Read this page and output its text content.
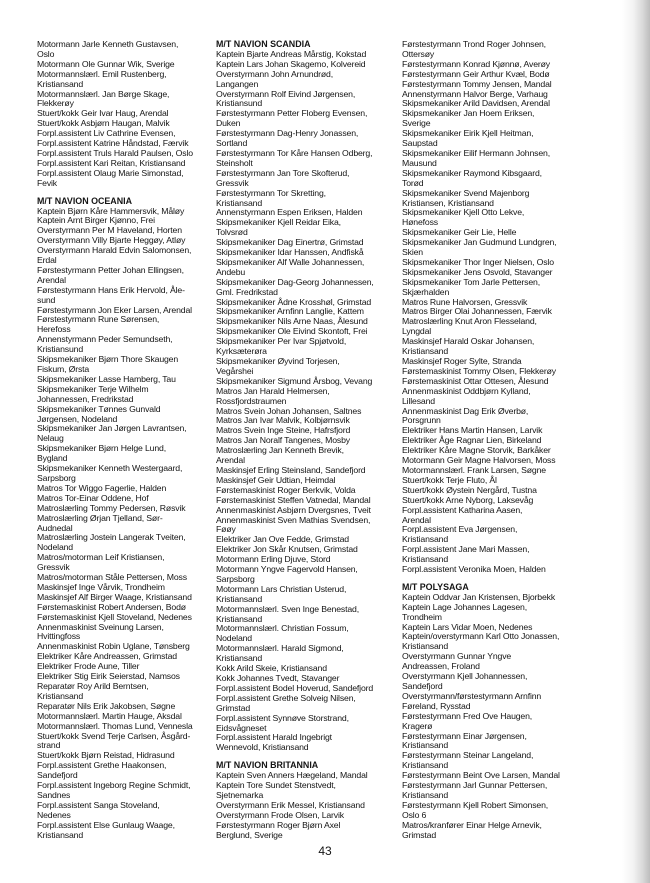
Motormann Jarle Kenneth Gustavsen,
Oslo
Motormann Ole Gunnar Wik, Sverige
Motormannslærl. Emil Rustenberg,
Kristiansand
Motormannslærl. Jan Børge Skage,
Flekkerøy
Stuert/kokk Geir Ivar Haug, Arendal
Stuert/kokk Asbjørn Haugan, Malvik
Forpl.assistent Liv Cathrine Evensen,
Forpl.assistent Katrine Håndstad, Færvik
Forpl.assistent Truls Harald Paulsen, Oslo
Forpl.assistent Kari Reitan, Kristiansand
Forpl.assistent Olaug Marie Simonstad,
Fevik
M/T NAVION OCEANIA
Kaptein Bjørn Kåre Hammersvik, Måløy
Kaptein Arnt Birger Kjønno, Frei
Overstyrmann Per M Haveland, Horten
Overstyrmann Villy Bjarte Heggøy, Atløy
Overstyrmann Harald Edvin Salomonsen,
Erdal
Førstestyrmann Petter Johan Ellingsen,
Arendal
Førstestyrmann Hans Erik Hervold, Åle-
sund
Førstestyrmann Jon Eker Larsen, Arendal
Førstestyrmann Rune Sørensen,
Herefoss
Annenstyrmann Peder Semundseth,
Kristiansund
Skipsmekaniker Bjørn Thore Skaugen
Fiskum, Ørsta
Skipsmekaniker Lasse Hamberg, Tau
Skipsmekaniker Terje Wilhelm
Johannessen, Fredrikstad
Skipsmekaniker Tønnes Gunvald
Jørgensen, Nodeland
Skipsmekaniker Jan Jørgen Lavrantsen,
Nelaug
Skipsmekaniker Bjørn Helge Lund,
Bygland
Skipsmekaniker Kenneth Westergaard,
Sarpsborg
Matros Tor Wiggo Fagerlie, Halden
Matros Tor-Einar Oddene, Hof
Matroslærling Tommy Pedersen, Røsvik
Matroslærling Ørjan Tjelland, Sør-
Audnedal
Matroslærling Jostein Langerak Tveiten,
Nodeland
Matros/motorman Leif Kristiansen,
Gressvik
Matros/motorman Ståle Pettersen, Moss
Maskinsjef Inge Vårvik, Trondheim
Maskinsjef Alf Birger Waage, Kristiansand
Førstemaskinist Robert Andersen, Bodø
Førstemaskinist Kjell Stoveland, Nedenes
Annenmaskinist Sveinung Larsen,
Hvittingfoss
Annenmaskinist Robin Uglane, Tønsberg
Elektriker Kåre Andreassen, Grimstad
Elektriker Frode Aune, Tiller
Elektriker Stig Eirik Seierstad, Namsos
Reparatør Roy Arild Berntsen,
Kristiansand
Reparatør Nils Erik Jakobsen, Søgne
Motormannslærl. Martin Hauge, Aksdal
Motormannslærl. Thomas Lund, Vennesla
Stuert/kokk Svend Terje Carlsen, Åsgård-
strand
Stuert/kokk Bjørn Reistad, Hidrasund
Forpl.assistent Grethe Haakonsen,
Sandefjord
Forpl.assistent Ingeborg Regine Schmidt,
Sandnes
Forpl.assistent Sanga Stoveland,
Nedenes
Forpl.assistent Else Gunlaug Waage,
Kristiansand
M/T NAVION SCANDIA
Kaptein Bjarte Andreas Mårstig, Kokstad
Kaptein Lars Johan Skagemo, Kolvereid
Overstyrmann John Arnundrød,
Langangen
Overstyrmann Rolf Eivind Jørgensen,
Kristiansund
Førstestyrmann Petter Floberg Evensen,
Duken
Førstestyrmann Dag-Henry Jonassen,
Sortland
Førstestyrmann Tor Kåre Hansen Odberg,
Steinsholt
Førstestyrmann Jan Tore Skofterud,
Gressvik
Førstestyrmann Tor Skretting,
Kristiansand
Annenstyrmann Espen Eriksen, Halden
Skipsmekaniker Kjell Reidar Eika,
Tolvsrød
Skipsmekaniker Dag Einertrø, Grimstad
Skipsmekaniker Idar Hanssen, Andfiskå
Skipsmekaniker Alf Walle Johannessen,
Andebu
Skipsmekaniker Dag-Georg Johannessen,
Gml. Fredrikstad
Skipsmekaniker Ådne Krosshøl, Grimstad
Skipsmekaniker Arnfinn Langlie, Kattem
Skipsmekaniker Nils Arne Naas, Ålesund
Skipsmekaniker Ole Eivind Skontoft, Frei
Skipsmekaniker Per Ivar Spjøtvold,
Kyrksæterøra
Skipsmekaniker Øyvind Torjesen,
Vegårshei
Skipsmekaniker Sigmund Årsbog, Vevang
Matros Jan Harald Helmersen,
Rossfjordstraumen
Matros Svein Johan Johansen, Saltnes
Matros Jan Ivar Malvik, Kolbjørnsvik
Matros Svein Inge Steine, Hafrsfjord
Matros Jan Noralf Tangenes, Mosby
Matroslærling Jan Kenneth Brevik,
Arendal
Maskinsjef Erling Steinsland, Sandefjord
Maskinsjef Geir Udtian, Heimdal
Førstemaskinist Roger Berkvik, Volda
Førstemaskinist Steffen Vatnedal, Mandal
Annenmaskinist Asbjørn Dvergsnes, Tveit
Annenmaskinist Sven Mathias Svendsen,
Føøy
Elektriker Jan Ove Fedde, Grimstad
Elektriker Jon Skår Knutsen, Grimstad
Motormann Erling Djuve, Stord
Motormann Yngve Fagervold Hansen,
Sarpsborg
Motormann Lars Christian Usterud,
Kristiansand
Motormannslærl. Sven Inge Benestad,
Kristiansand
Motormannslærl. Christian Fossum,
Nodeland
Motormannslærl. Harald Sigmond,
Kristiansand
Kokk Arild Skeie, Kristiansand
Kokk Johannes Tvedt, Stavanger
Forpl.assistent Bodel Hoverud, Sandefjord
Forpl.assistent Grethe Solveig Nilsen,
Grimstad
Forpl.assistent Synnøve Storstrand,
Eidsvågneset
Forpl.assistent Harald Ingebrigt
Wennevold, Kristiansand
M/T NAVION BRITANNIA
Kaptein Sven Anners Hægeland, Mandal
Kaptein Tore Sundet Stenstvedt,
Sjetnemarka
Overstyrmann Erik Messel, Kristiansand
Overstyrmann Frode Olsen, Larvik
Førstestyrmann Roger Bjørn Axel
Berglund, Sverige
Førstestyrmann Trond Roger Johnsen,
Ottersøy
Førstestyrmann Konrad Kjønnø, Averøy
Førstestyrmann Geir Arthur Kvæl, Bodø
Førstestyrmann Tommy Jensen, Mandal
Annenstyrmann Halvor Berge, Varhaug
Skipsmekaniker Arild Davidsen, Arendal
Skipsmekaniker Jan Hoem Eriksen,
Sverige
Skipsmekaniker Eirik Kjell Heitman,
Saupstad
Skipsmekaniker Eilif Hermann Johnsen,
Mausund
Skipsmekaniker Raymond Kibsgaard,
Torød
Skipsmekaniker Svend Majenborg
Kristiansen, Kristiansand
Skipsmekaniker Kjell Otto Lekve,
Hønefoss
Skipsmekaniker Geir Lie, Helle
Skipsmekaniker Jan Gudmund Lundgren,
Skien
Skipsmekaniker Thor Inger Nielsen, Oslo
Skipsmekaniker Jens Osvold, Stavanger
Skipsmekaniker Tom Jarle Pettersen,
Skjærhalden
Matros Rune Halvorsen, Gressvik
Matros Birger Olai Johannessen, Færvik
Matroslærling Knut Aron Flesseland,
Lyngdal
Maskinsjef Harald Oskar Johansen,
Kristiansand
Maskinsjef Roger Sylte, Stranda
Førstemaskinist Tommy Olsen, Flekkerøy
Førstemaskinist Ottar Ottesen, Ålesund
Annenmaskinist Oddbjørn Kylland,
Lillesand
Annenmaskinist Dag Erik Øverbø,
Porsgrunn
Elektriker Hans Martin Hansen, Larvik
Elektriker Åge Ragnar Lien, Birkeland
Elektriker Kåre Magne Storvik, Barkåker
Motormann Geir Magne Halvorsen, Moss
Motormannslærl. Frank Larsen, Søgne
Stuert/kokk Terje Fluto, Ål
Stuert/kokk Øystein Nergård, Tustna
Stuert/kokk Arne Nyborg, Laksevåg
Forpl.assistent Katharina Aasen,
Arendal
Forpl.assistent Eva Jørgensen,
Kristiansand
Forpl.assistent Jane Mari Massen,
Kristiansand
Forpl.assistent Veronika Moen, Halden
M/T POLYSAGA
Kaptein Oddvar Jan Kristensen, Bjorbekk
Kaptein Lage Johannes Lagesen,
Trondheim
Kaptein Lars Vidar Moen, Nedenes
Kaptein/overstyrmann Karl Otto Jonassen,
Kristiansand
Overstyrmann Gunnar Yngve
Andreassen, Froland
Overstyrmann Kjell Johannessen,
Sandefjord
Overstyrmann/førstestyrmann Arnfinn
Føreland, Rysstad
Førstestyrmann Fred Ove Haugen,
Kragerø
Førstestyrmann Einar Jørgensen,
Kristiansand
Førstestyrmann Steinar Langeland,
Kristiansand
Førstestyrmann Beint Ove Larsen, Mandal
Førstestyrmann Jarl Gunnar Pettersen,
Kristiansand
Førstestyrmann Kjell Robert Simonsen,
Oslo 6
Matros/kranfører Einar Helge Arnevik,
Grimstad
43
